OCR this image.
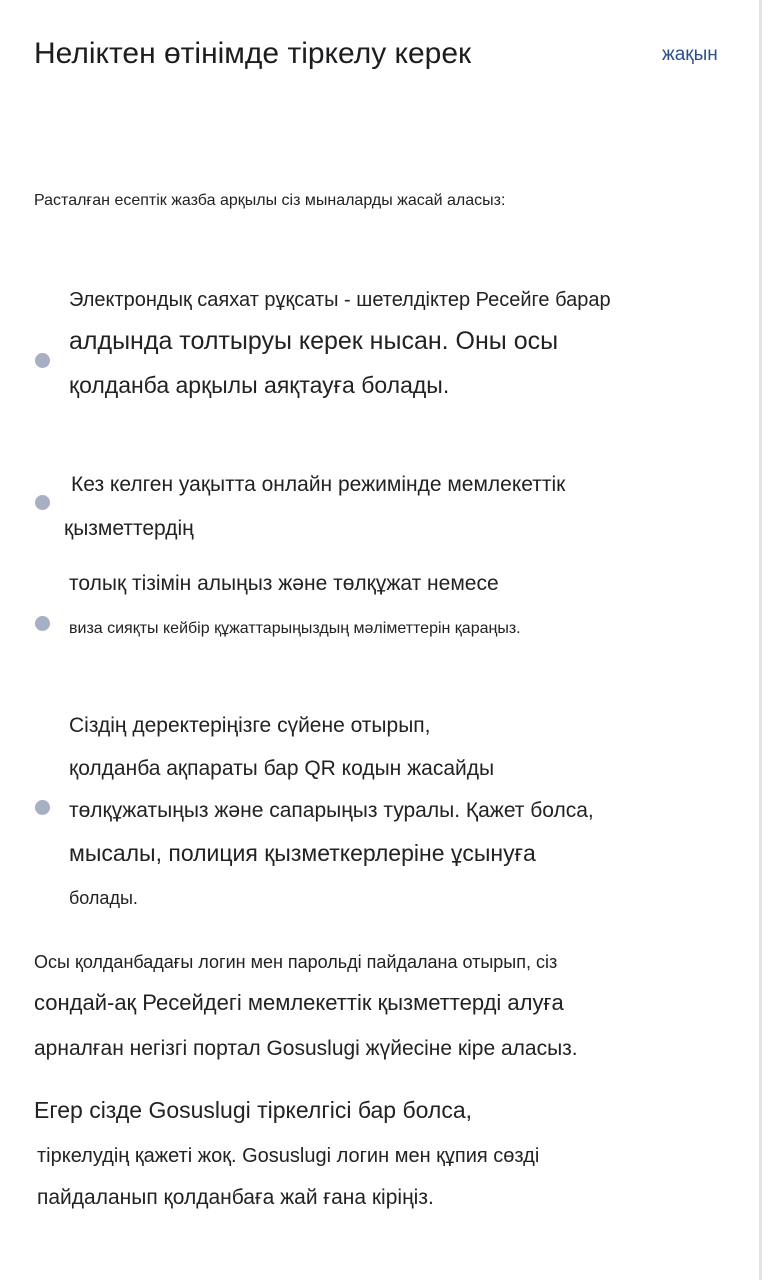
Неліктен өтінімде тіркелу керек	жақын
Расталған есептік жазба арқылы сіз мыналарды жасай аласыз:
Электрондық саяхат рұқсаты - шетелдіктер Ресейге барар
алдында толтыруы керек нысан. Оны осы
қолданба арқылы аяқтауға болады.
Кез келген уақытта онлайн режимінде мемлекеттік
қызметтердің
толық тізімін алыңыз және төлқұжат немесе
виза сияқты кейбір құжаттарыңыздың мәліметтерін қараңыз.
Сіздің деректеріңізге сүйене отырып,
қолданба ақпараты бар QR кодын жасайды
төлқұжатыңыз және сапарыңыз туралы. Қажет болса,
мысалы, полиция қызметкерлеріне ұсынуға
болады.
Осы қолданбадағы логин мен парольді пайдалана отырып, сіз
сондай-ақ Ресейдегі мемлекеттік қызметтерді алуға
арналған негізгі портал Gosuslugi жүйесіне кіре аласыз.
Егер сізде Gosuslugi тіркелгісі бар болса,
тіркелудің қажеті жоқ. Gosuslugi логин мен құпия сөзді
пайдаланып қолданбаға жай ғана кіріңіз.
